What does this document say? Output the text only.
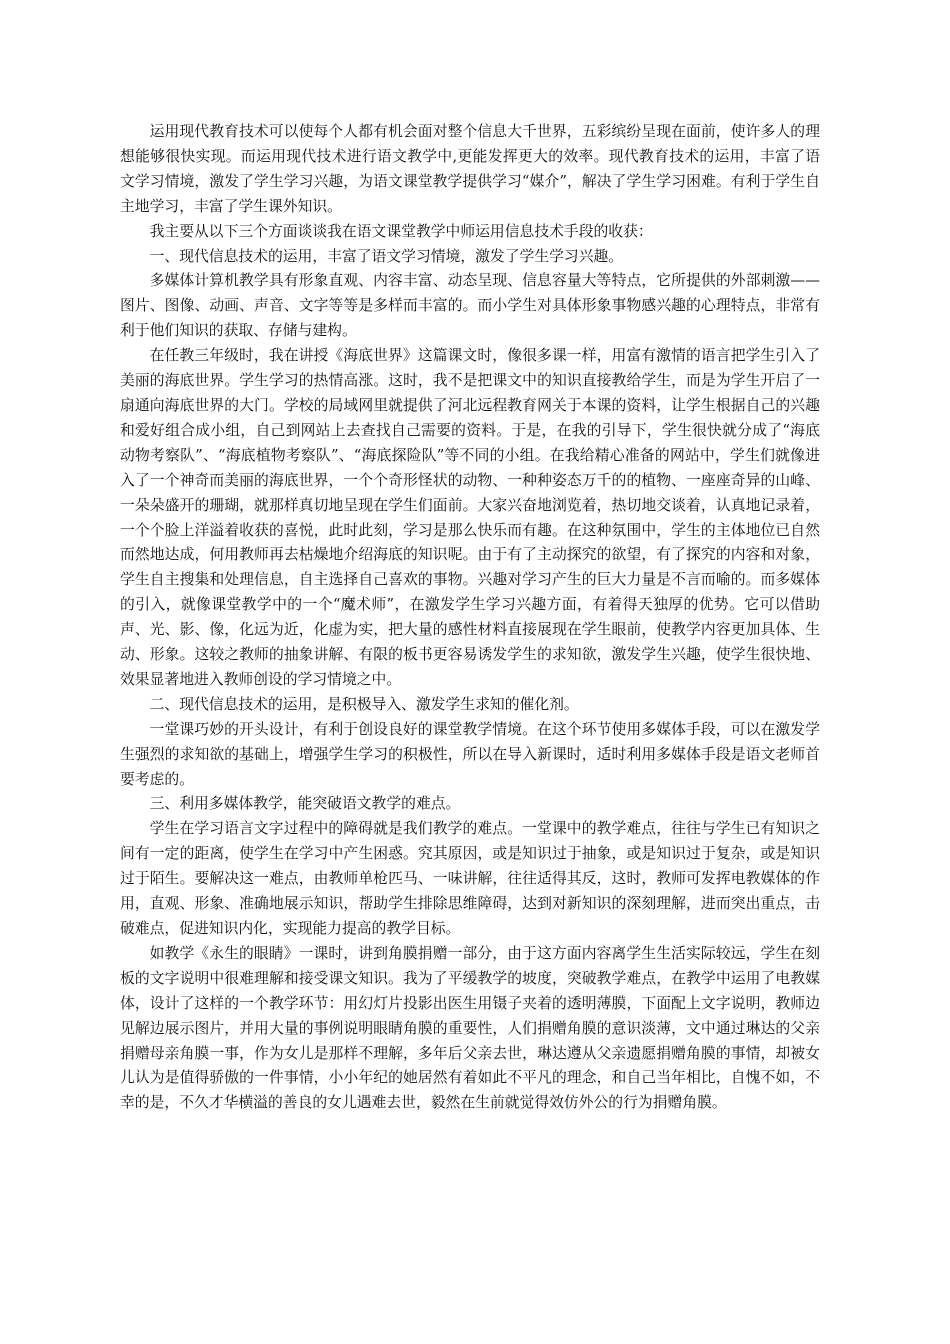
运用现代教育技术可以使每个人都有机会面对整个信息大千世界，五彩缤纷呈现在面前，使许多人的理想能够很快实现。而运用现代技术进行语文教学中,更能发挥更大的效率。现代教育技术的运用，丰富了语文学习情境，激发了学生学习兴趣，为语文课堂教学提供学习“媒介”，解决了学生学习困难。有利于学生自主地学习，丰富了学生课外知识。

我主要从以下三个方面谈谈我在语文课堂教学中师运用信息技术手段的收获：

一、现代信息技术的运用，丰富了语文学习情境，激发了学生学习兴趣。

多媒体计算机教学具有形象直观、内容丰富、动态呈现、信息容量大等特点，它所提供的外部刺激——图片、图像、动画、声音、文字等等是多样而丰富的。而小学生对具体形象事物感兴趣的心理特点，非常有利于他们知识的获取、存储与建构。

在任教三年级时，我在讲授《海底世界》这篇课文时，像很多课一样，用富有激情的语言把学生引入了美丽的海底世界。学生学习的热情高涨。这时，我不是把课文中的知识直接教给学生，而是为学生开启了一扇通向海底世界的大门。学校的局域网里就提供了河北远程教育网关于本课的资料，让学生根据自己的兴趣和爱好组合成小组，自己到网站上去查找自己需要的资料。于是，在我的引导下，学生很快就分成了“海底动物考察队”、“海底植物考察队”、“海底探险队”等不同的小组。在我给精心准备的网站中，学生们就像进入了一个神奇而美丽的海底世界，一个个奇形怪状的动物、一种种姿态万千的的植物、一座座奇异的山峰、一朵朵盛开的珊瑚，就那样真切地呈现在学生们面前。大家兴奋地浏览着，热切地交谈着，认真地记录着，一个个脸上洋溢着收获的喜悦，此时此刻，学习是那么快乐而有趣。在这种氛围中，学生的主体地位已自然而然地达成，何用教师再去枯燥地介绍海底的知识呢。由于有了主动探究的欲望，有了探究的内容和对象，学生自主搜集和处理信息，自主选择自己喜欢的事物。兴趣对学习产生的巨大力量是不言而喻的。而多媒体的引入，就像课堂教学中的一个“魔术师”，在激发学生学习兴趣方面，有着得天独厚的优势。它可以借助声、光、影、像，化远为近，化虚为实，把大量的感性材料直接展现在学生眼前，使教学内容更加具体、生动、形象。这较之教师的抽象讲解、有限的板书更容易诱发学生的求知欲，激发学生兴趣，使学生很快地、效果显著地进入教师创设的学习情境之中。

二、现代信息技术的运用，是积极导入、激发学生求知的催化剂。

一堂课巧妙的开头设计，有利于创设良好的课堂教学情境。在这个环节使用多媒体手段，可以在激发学生强烈的求知欲的基础上，增强学生学习的积极性，所以在导入新课时，适时利用多媒体手段是语文老师首要考虑的。

三、利用多媒体教学，能突破语文教学的难点。

学生在学习语言文字过程中的障碍就是我们教学的难点。一堂课中的教学难点，往往与学生已有知识之间有一定的距离，使学生在学习中产生困惑。究其原因，或是知识过于抽象，或是知识过于复杂，或是知识过于陌生。要解决这一难点，由教师单枪匹马、一味讲解，往往适得其反，这时，教师可发挥电教媒体的作用，直观、形象、准确地展示知识，帮助学生排除思维障碍，达到对新知识的深刻理解，进而突出重点，击破难点，促进知识内化，实现能力提高的教学目标。

如教学《永生的眼睛》一课时，讲到角膜捐赠一部分，由于这方面内容离学生生活实际较远，学生在刻板的文字说明中很难理解和接受课文知识。我为了平缓教学的坡度，突破教学难点，在教学中运用了电教媒体，设计了这样的一个教学环节：用幻灯片投影出医生用镊子夹着的透明薄膜，下面配上文字说明，教师边见解边展示图片，并用大量的事例说明眼睛角膜的重要性，人们捐赠角膜的意识淡薄，文中通过琳达的父亲捐赠母亲角膜一事，作为女儿是那样不理解，多年后父亲去世，琳达遵从父亲遗愿捐赠角膜的事情，却被女儿认为是值得骄傲的一件事情，小小年纪的她居然有着如此不平凡的理念，和自己当年相比，自愧不如，不幸的是，不久才华横溢的善良的女儿遇难去世，毅然在生前就觉得效仿外公的行为捐赠角膜。
